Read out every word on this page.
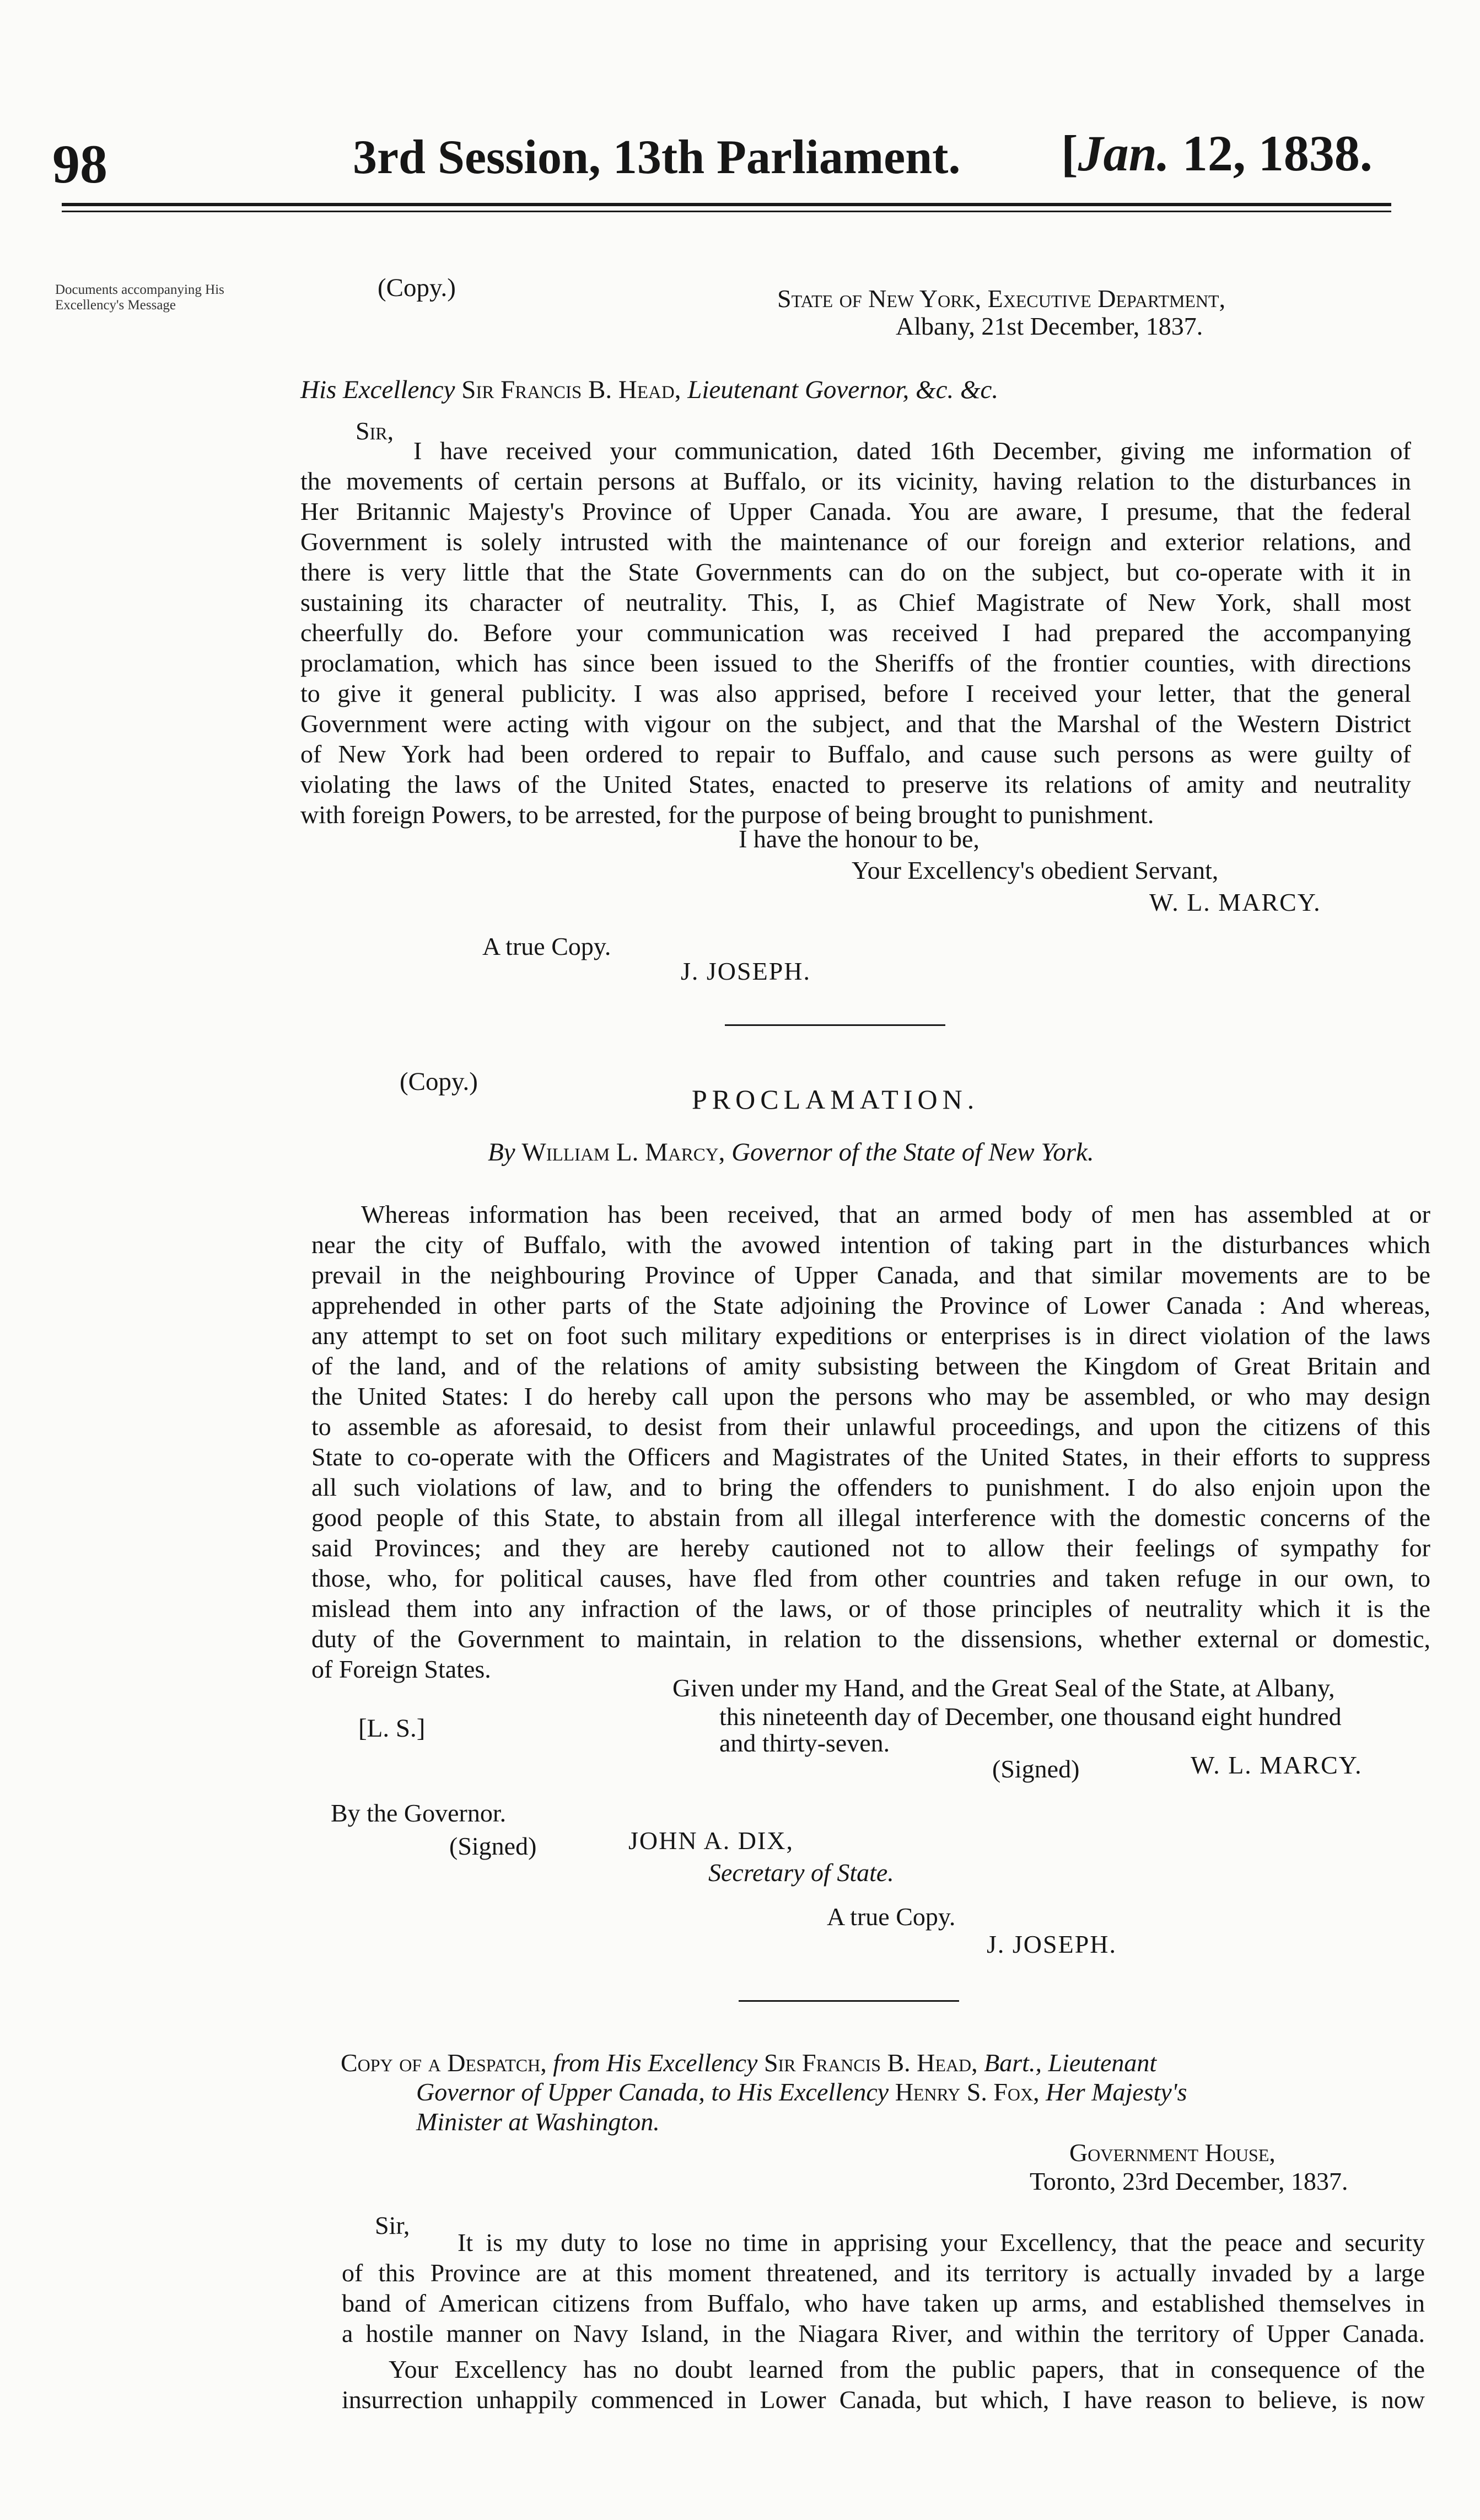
98	3rd Session, 13th Parliament. [Jan. 12, 1838.
Documents accompanying His Excellency's Message
(Copy.)	State of New York, Executive Department,
Albany, 21st December, 1837.
His Excellency Sir Francis B. Head, Lieutenant Governor, &c. &c.
Sir,
I have received your communication, dated 16th December, giving me information of
the movements of certain persons at Buffalo, or its vicinity, having relation to the disturbances in
Her Britannic Majesty's Province of Upper Canada. You are aware, I presume, that the federal
Government is solely intrusted with the maintenance of our foreign and exterior relations, and
there is very little that the State Governments can do on the subject, but co-operate with it in
sustaining its character of neutrality. This, I, as Chief Magistrate of New York, shall most
cheerfully do. Before your communication was received I had prepared the accompanying
proclamation, which has since been issued to the Sheriffs of the frontier counties, with directions
to give it general publicity. I was also apprised, before I received your letter, that the general
Government were acting with vigour on the subject, and that the Marshal of the Western District
of New York had been ordered to repair to Buffalo, and cause such persons as were guilty of
violating the laws of the United States, enacted to preserve its relations of amity and neutrality
with foreign Powers, to be arrested, for the purpose of being brought to punishment.
I have the honour to be,
Your Excellency's obedient Servant,
W. L. MARCY.
A true Copy.
J. JOSEPH.
(Copy.)
PROCLAMATION.
By William L. Marcy, Governor of the State of New York.
Whereas information has been received, that an armed body of men has assembled at or
near the city of Buffalo, with the avowed intention of taking part in the disturbances which
prevail in the neighbouring Province of Upper Canada, and that similar movements are to be
apprehended in other parts of the State adjoining the Province of Lower Canada : And whereas,
any attempt to set on foot such military expeditions or enterprises is in direct violation of the laws
of the land, and of the relations of amity subsisting between the Kingdom of Great Britain and
the United States: I do hereby call upon the persons who may be assembled, or who may design
to assemble as aforesaid, to desist from their unlawful proceedings, and upon the citizens of this
State to co-operate with the Officers and Magistrates of the United States, in their efforts to suppress
all such violations of law, and to bring the offenders to punishment. I do also enjoin upon the
good people of this State, to abstain from all illegal interference with the domestic concerns of the
said Provinces; and they are hereby cautioned not to allow their feelings of sympathy for
those, who, for political causes, have fled from other countries and taken refuge in our own, to
mislead them into any infraction of the laws, or of those principles of neutrality which it is the
duty of the Government to maintain, in relation to the dissensions, whether external or domestic,
of Foreign States.
Given under my Hand, and the Great Seal of the State, at Albany,
this nineteenth day of December, one thousand eight hundred
and thirty-seven.
[L. S.]
(Signed)	W. L. MARCY.
By the Governor.
(Signed)	JOHN A. DIX,
Secretary of State.
A true Copy.
J. JOSEPH.
Copy of a Despatch, from His Excellency Sir Francis B. Head, Bart., Lieutenant
Governor of Upper Canada, to His Excellency Henry S. Fox, Her Majesty's
Minister at Washington.
Government House,
Toronto, 23rd December, 1837.
Sir,
It is my duty to lose no time in apprising your Excellency, that the peace and security
of this Province are at this moment threatened, and its territory is actually invaded by a large
band of American citizens from Buffalo, who have taken up arms, and established themselves in
a hostile manner on Navy Island, in the Niagara River, and within the territory of Upper Canada.
Your Excellency has no doubt learned from the public papers, that in consequence of the
insurrection unhappily commenced in Lower Canada, but which, I have reason to believe, is now
